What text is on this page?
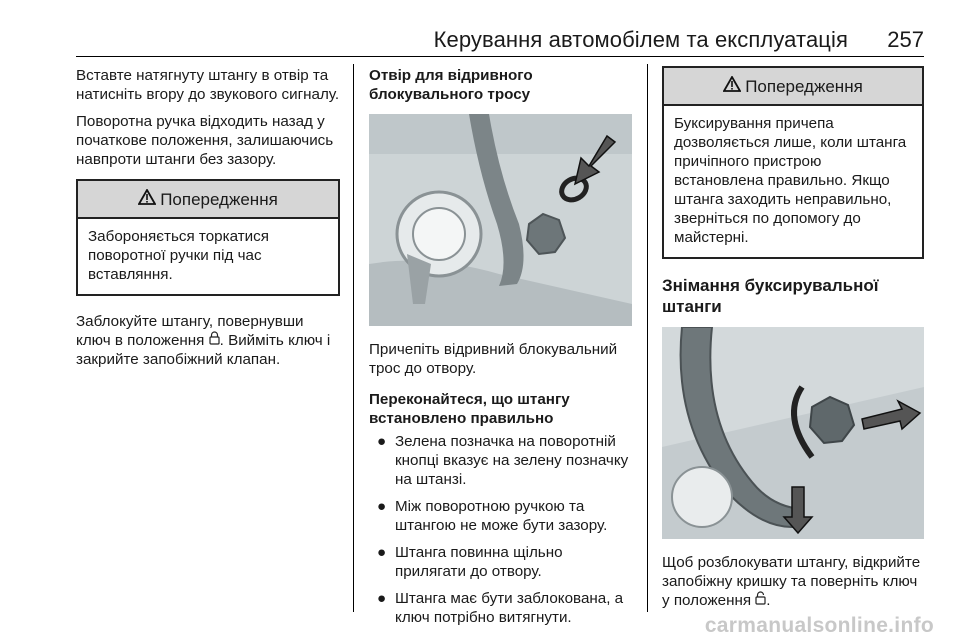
Керування автомобілем та експлуатація 257

Вставте натягнуту штангу в отвір та натисніть вгору до звукового сигналу.

Поворотна ручка відходить назад у початкове положення, залишаючись навпроти штанги без зазору.

Попередження
Забороняється торкатися поворотної ручки під час вставляння.

Заблокуйте штангу, повернувши ключ в положення . Вийміть ключ і закрийте запобіжний клапан.

Отвір для відривного блокувального тросу

Причепіть відривний блокувальний трос до отвору.

Переконайтеся, що штангу встановлено правильно
● Зелена позначка на поворотній кнопці вказує на зелену позначку на штанзі.
● Між поворотною ручкою та штангою не може бути зазору.
● Штанга повинна щільно прилягати до отвору.
● Штанга має бути заблокована, а ключ потрібно витягнути.
Попередження
Буксирування причепа дозволяється лише, коли штанга причіпного пристрою встановлена правильно. Якщо штанга заходить неправильно, зверніться по допомогу до майстерні.
Знімання буксирувальної штанги

Щоб розблокувати штангу, відкрийте запобіжну кришку та поверніть ключ у положення .

carmanualsonline.info
